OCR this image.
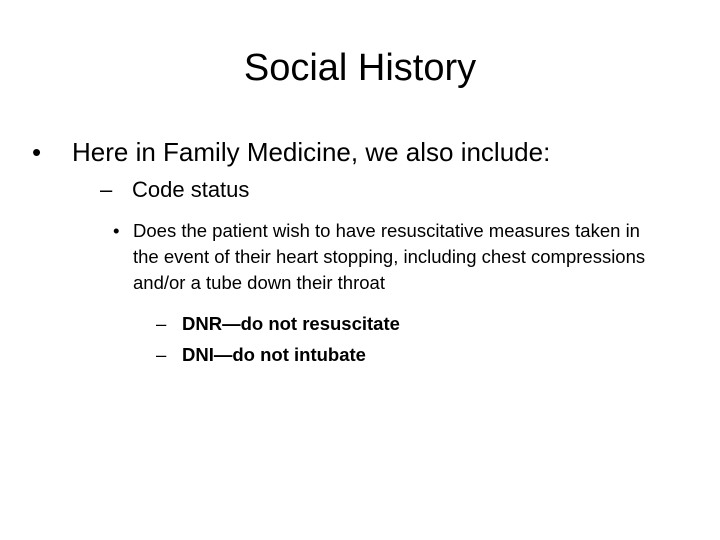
Social History
•	Here in Family Medicine, we also include:
– Code status
• Does the patient wish to have resuscitative measures taken in the event of their heart stopping, including chest compressions and/or a tube down their throat
– DNR—do not resuscitate
– DNI—do not intubate
